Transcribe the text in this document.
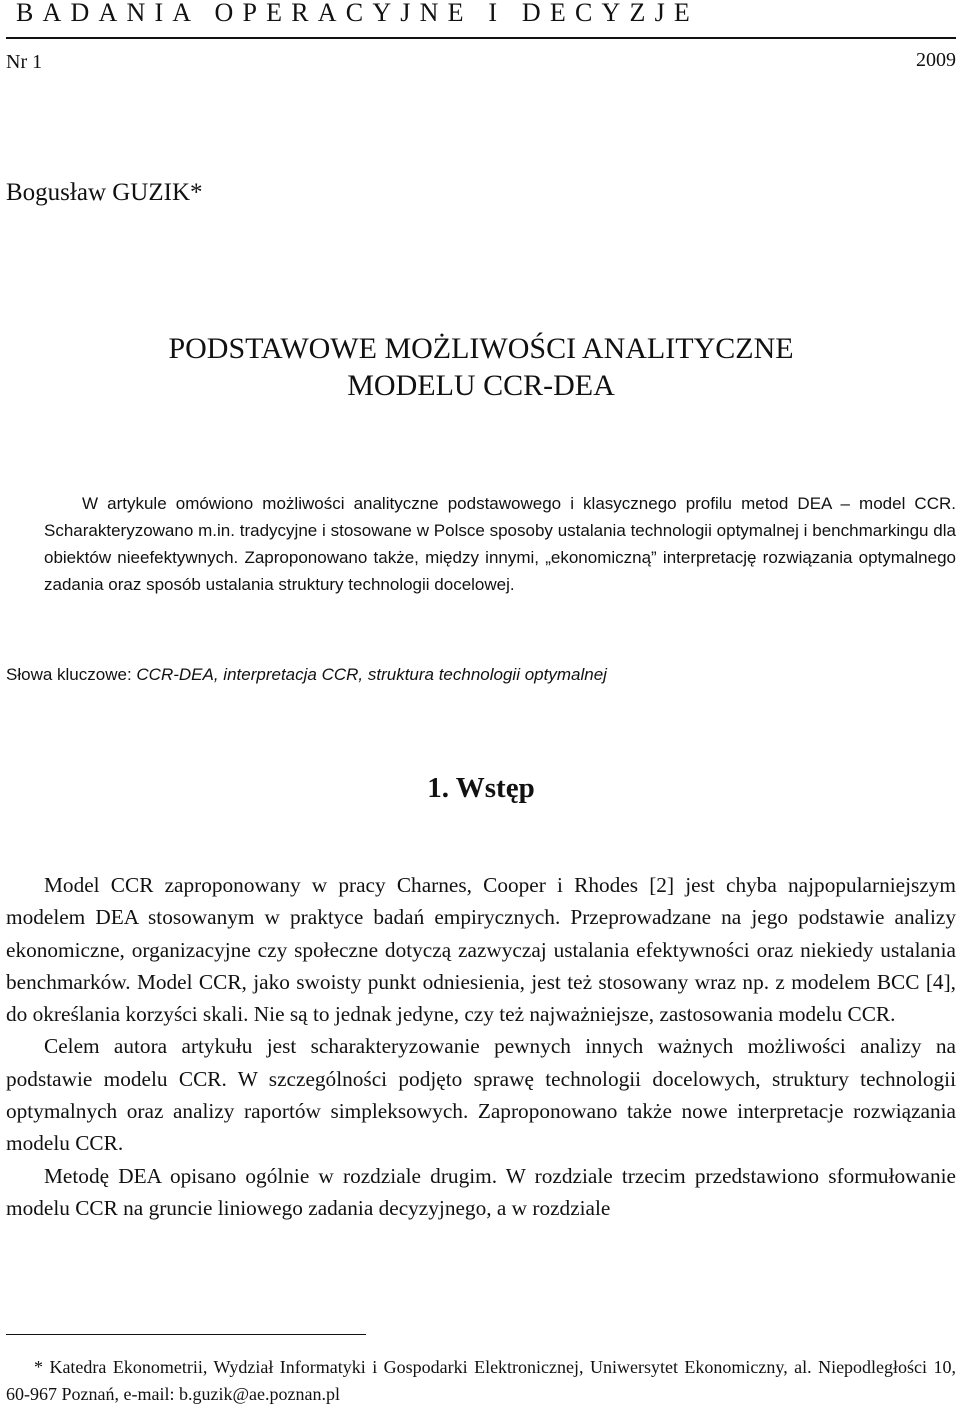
BADANIA OPERACYJNE I DECYZJE
Nr 1	2009
Bogusław GUZIK*
PODSTAWOWE MOŻLIWOŚCI ANALITYCZNE
MODELU CCR-DEA

W artykule omówiono możliwości analityczne podstawowego i klasycznego profilu metod DEA – model CCR. Scharakteryzowano m.in. tradycyjne i stosowane w Polsce sposoby ustalania technologii optymalnej i benchmarkingu dla obiektów nieefektywnych. Zaproponowano także, między innymi, „ekonomiczną” interpretację rozwiązania optymalnego zadania oraz sposób ustalania struktury technologii docelowej.

Słowa kluczowe: CCR-DEA, interpretacja CCR, struktura technologii optymalnej
1. Wstęp

Model CCR zaproponowany w pracy Charnes, Cooper i Rhodes [2] jest chyba najpopularniejszym modelem DEA stosowanym w praktyce badań empirycznych. Przeprowadzane na jego podstawie analizy ekonomiczne, organizacyjne czy społeczne dotyczą zazwyczaj ustalania efektywności oraz niekiedy ustalania benchmarków. Model CCR, jako swoisty punkt odniesienia, jest też stosowany wraz np. z modelem BCC [4], do określania korzyści skali. Nie są to jednak jedyne, czy też najważniejsze, zastosowania modelu CCR.

Celem autora artykułu jest scharakteryzowanie pewnych innych ważnych możliwości analizy na podstawie modelu CCR. W szczególności podjęto sprawę technologii docelowych, struktury technologii optymalnych oraz analizy raportów simpleksowych. Zaproponowano także nowe interpretacje rozwiązania modelu CCR.

Metodę DEA opisano ogólnie w rozdziale drugim. W rozdziale trzecim przedstawiono sformułowanie modelu CCR na gruncie liniowego zadania decyzyjnego, a w rozdziale

* Katedra Ekonometrii, Wydział Informatyki i Gospodarki Elektronicznej, Uniwersytet Ekonomiczny, al. Niepodległości 10, 60-967 Poznań, e-mail: b.guzik@ae.poznan.pl
